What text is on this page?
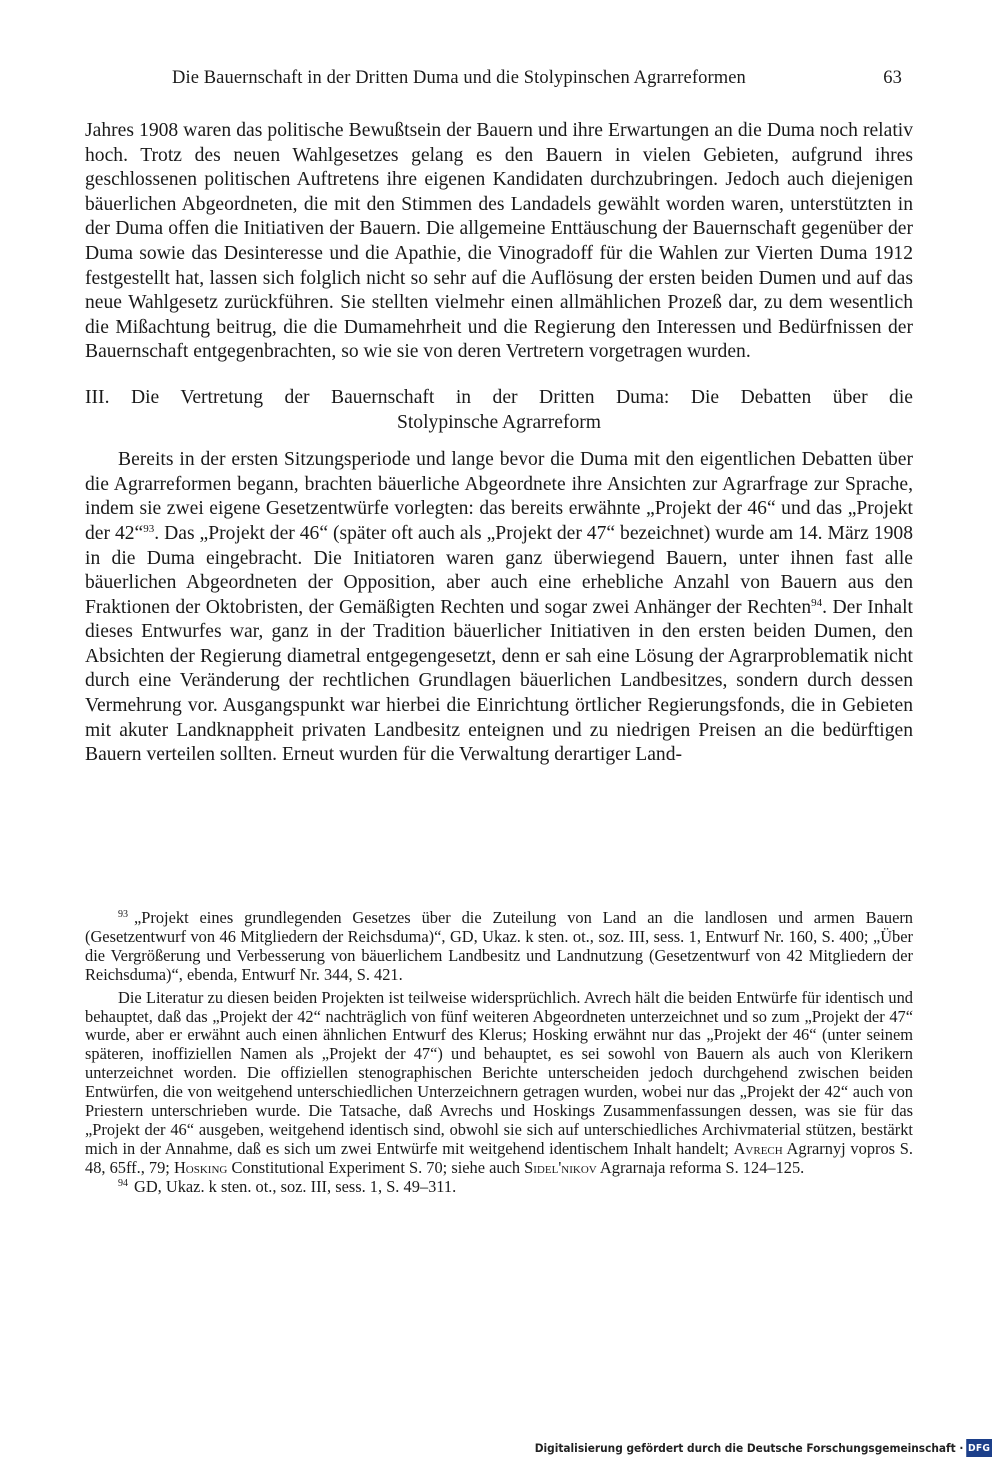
Die Bauernschaft in der Dritten Duma und die Stolypinschen Agrarreformen	63

Jahres 1908 waren das politische Bewußtsein der Bauern und ihre Erwartungen an die Duma noch relativ hoch. Trotz des neuen Wahlgesetzes gelang es den Bauern in vielen Gebieten, aufgrund ihres geschlossenen politischen Auftretens ihre eigenen Kandidaten durchzubringen. Jedoch auch diejenigen bäuerlichen Abgeordneten, die mit den Stimmen des Landadels gewählt worden waren, unterstützten in der Duma offen die Initiativen der Bauern. Die allgemeine Enttäuschung der Bauernschaft gegenüber der Duma sowie das Desinteresse und die Apathie, die Vinogradoff für die Wahlen zur Vierten Duma 1912 festgestellt hat, lassen sich folglich nicht so sehr auf die Auflösung der ersten beiden Dumen und auf das neue Wahlgesetz zurückführen. Sie stellten vielmehr einen allmählichen Prozeß dar, zu dem wesentlich die Mißachtung beitrug, die die Dumamehrheit und die Regierung den Interessen und Bedürfnissen der Bauernschaft entgegenbrachten, so wie sie von deren Vertretern vorgetragen wurden.

III. Die Vertretung der Bauernschaft in der Dritten Duma: Die Debatten über die
Stolypinsche Agrarreform

Bereits in der ersten Sitzungsperiode und lange bevor die Duma mit den eigentlichen Debatten über die Agrarreformen begann, brachten bäuerliche Abgeordnete ihre Ansichten zur Agrarfrage zur Sprache, indem sie zwei eigene Gesetzentwürfe vorlegten: das bereits erwähnte „Projekt der 46“ und das „Projekt der 42“$^{93}$. Das „Projekt der 46“ (später oft auch als „Projekt der 47“ bezeichnet) wurde am 14. März 1908 in die Duma eingebracht. Die Initiatoren waren ganz überwiegend Bauern, unter ihnen fast alle bäuerlichen Abgeordneten der Opposition, aber auch eine erhebliche Anzahl von Bauern aus den Fraktionen der Oktobristen, der Gemäßigten Rechten und sogar zwei Anhänger der Rechten$^{94}$. Der Inhalt dieses Entwurfes war, ganz in der Tradition bäuerlicher Initiativen in den ersten beiden Dumen, den Absichten der Regierung diametral entgegengesetzt, denn er sah eine Lösung der Agrarproblematik nicht durch eine Veränderung der rechtlichen Grundlagen bäuerlichen Landbesitzes, sondern durch dessen Vermehrung vor. Ausgangspunkt war hierbei die Einrichtung örtlicher Regierungsfonds, die in Gebieten mit akuter Landknappheit privaten Landbesitz enteignen und zu niedrigen Preisen an die bedürftigen Bauern verteilen sollten. Erneut wurden für die Verwaltung derartiger Land-

$^{93}$ „Projekt eines grundlegenden Gesetzes über die Zuteilung von Land an die landlosen und armen Bauern (Gesetzentwurf von 46 Mitgliedern der Reichsduma)“, GD, Ukaz. k sten. ot., soz. III, sess. 1, Entwurf Nr. 160, S. 400; „Über die Vergrößerung und Verbesserung von bäuerlichem Landbesitz und Landnutzung (Gesetzentwurf von 42 Mitgliedern der Reichsduma)“, ebenda, Entwurf Nr. 344, S. 421.

Die Literatur zu diesen beiden Projekten ist teilweise widersprüchlich. Avrech hält die beiden Entwürfe für identisch und behauptet, daß das „Projekt der 42“ nachträglich von fünf weiteren Abgeordneten unterzeichnet und so zum „Projekt der 47“ wurde, aber er erwähnt auch einen ähnlichen Entwurf des Klerus; Hosking erwähnt nur das „Projekt der 46“ (unter seinem späteren, inoffiziellen Namen als „Projekt der 47“) und behauptet, es sei sowohl von Bauern als auch von Klerikern unterzeichnet worden. Die offiziellen stenographischen Berichte unterscheiden jedoch durchgehend zwischen beiden Entwürfen, die von weitgehend unterschiedlichen Unterzeichnern getragen wurden, wobei nur das „Projekt der 42“ auch von Priestern unterschrieben wurde. Die Tatsache, daß Avrechs und Hoskings Zusammenfassungen dessen, was sie für das „Projekt der 46“ ausgeben, weitgehend identisch sind, obwohl sie sich auf unterschiedliches Archivmaterial stützen, bestärkt mich in der Annahme, daß es sich um zwei Entwürfe mit weitgehend identischem Inhalt handelt; Avrech Agrarnyj vopros S. 48, 65ff., 79; Hosking Constitutional Experiment S. 70; siehe auch Sidel'nikov Agrarnaja reforma S. 124–125.

$^{94}$ GD, Ukaz. k sten. ot., soz. III, sess. 1, S. 49–311.

Digitalisierung gefördert durch die Deutsche Forschungsgemeinschaft · DFG
